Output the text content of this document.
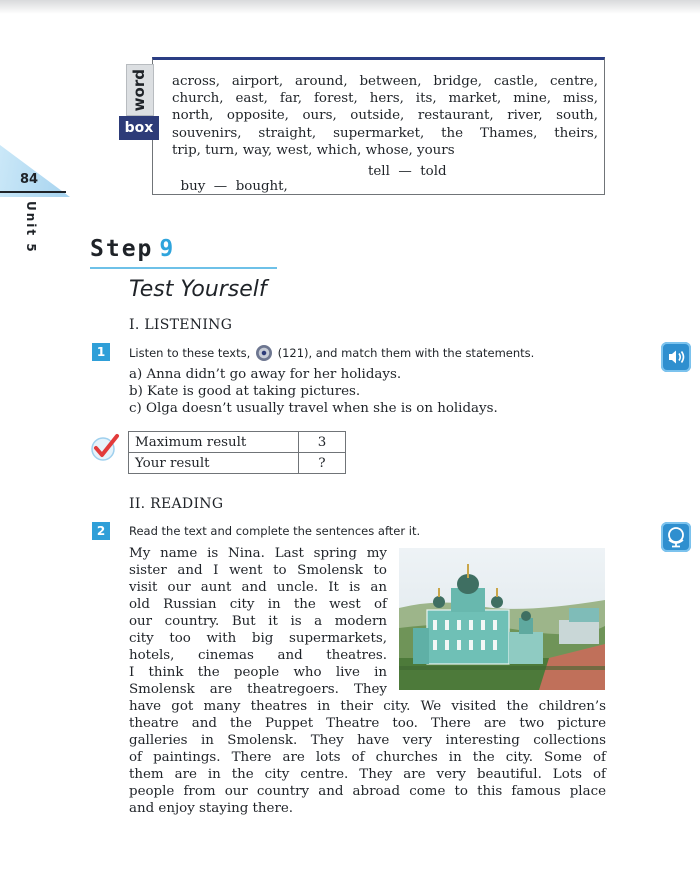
84
Unit 5
word
box
across, airport, around, between, bridge, castle, centre,
church, east, far, forest, hers, its, market, mine, miss,
north, opposite, ours, outside, restaurant, river, south,
souvenirs, straight, supermarket, the Thames, theirs,
trip, turn, way, west, which, whose, yours

buy  —  bought,

tell  —  told

Step 9
Test Yourself
I. LISTENING
1	Listen to these texts, (121), and match them with the statements.
a) Anna didn’t go away for her holidays.
b) Kate is good at taking pictures.
c) Olga doesn’t usually travel when she is on holidays.
Maximum result	3
Your result	?
II. READING
2	Read the text and complete the sentences after it.
My name is Nina. Last spring my
sister and I went to Smolensk to
visit our aunt and uncle. It is an
old Russian city in the west of
our country. But it is a modern
city too with big supermarkets,
hotels, cinemas and theatres.
I think the people who live in
Smolensk are theatregoers. They
have got many theatres in their city. We visited the children’s
theatre and the Puppet Theatre too. There are two picture
galleries in Smolensk. They have very interesting collections
of paintings. There are lots of churches in the city. Some of
them are in the city centre. They are very beautiful. Lots of
people from our country and abroad come to this famous place
and enjoy staying there.
